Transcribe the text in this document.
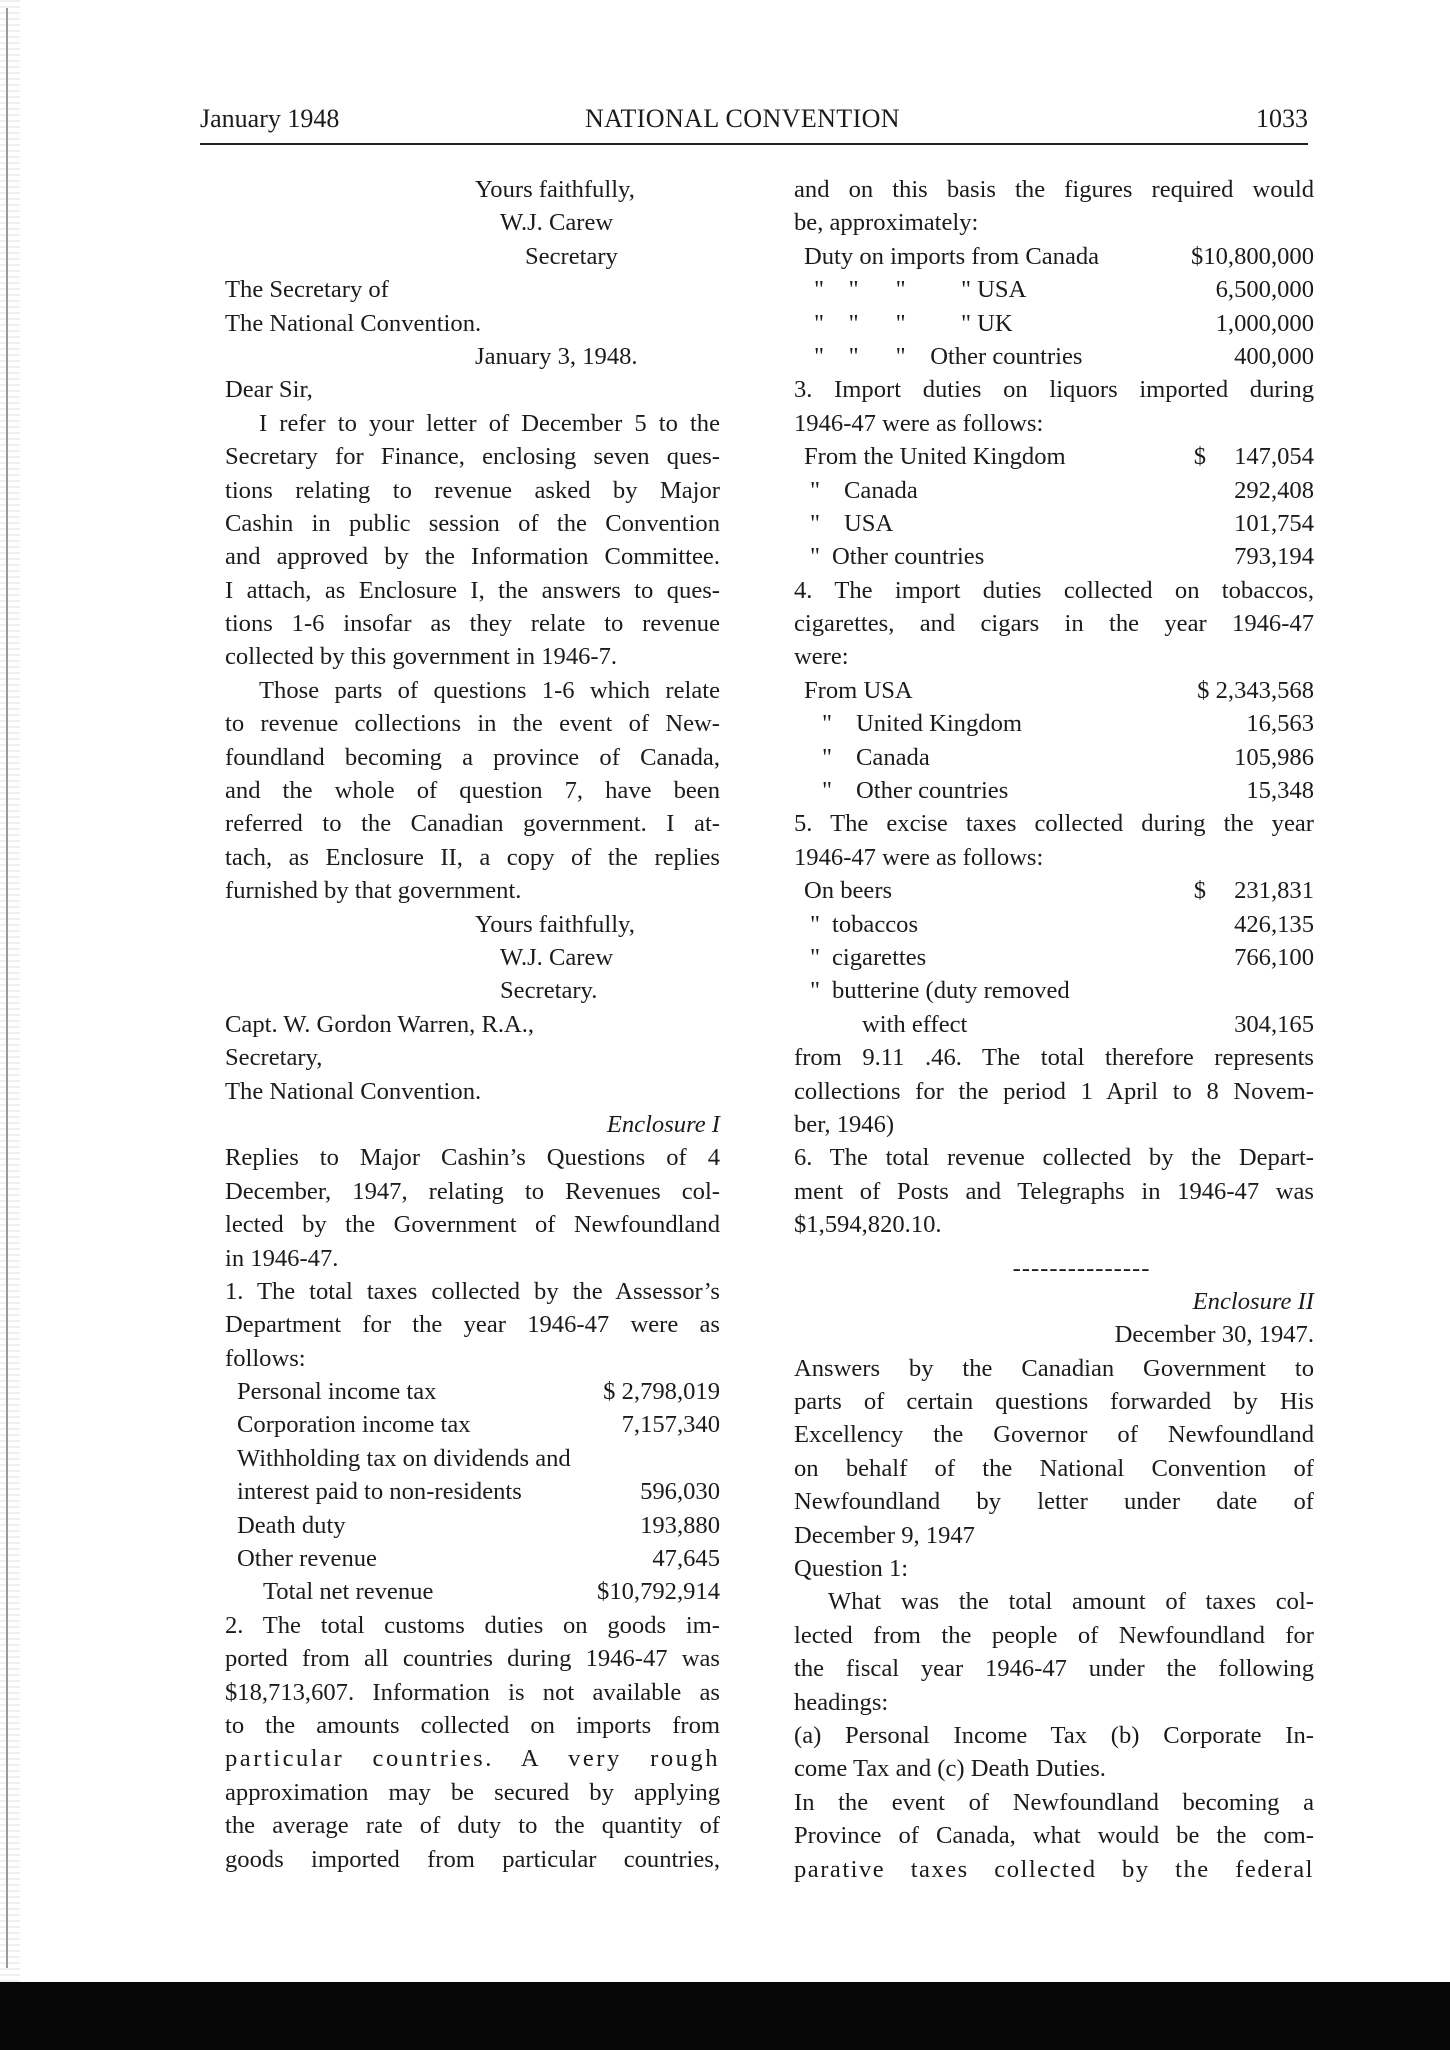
January 1948	NATIONAL CONVENTION	1033
Yours faithfully,
W.J. Carew
Secretary
The Secretary of
The National Convention.
January 3, 1948.
Dear Sir,
I refer to your letter of December 5 to the
Secretary for Finance, enclosing seven ques-
tions relating to revenue asked by Major
Cashin in public session of the Convention
and approved by the Information Committee.
I attach, as Enclosure I, the answers to ques-
tions 1-6 insofar as they relate to revenue
collected by this government in 1946-7.
Those parts of questions 1-6 which relate
to revenue collections in the event of New-
foundland becoming a province of Canada,
and the whole of question 7, have been
referred to the Canadian government. I at-
tach, as Enclosure II, a copy of the replies
furnished by that government.
Yours faithfully,
W.J. Carew
Secretary.
Capt. W. Gordon Warren, R.A.,
Secretary,
The National Convention.
Enclosure I
Replies to Major Cashin’s Questions of 4
December, 1947, relating to Revenues col-
lected by the Government of Newfoundland
in 1946-47.
1. The total taxes collected by the Assessor’s
Department for the year 1946-47 were as
follows:
Personal income tax	$ 2,798,019
Corporation income tax	7,157,340
Withholding tax on dividends and
interest paid to non-residents	596,030
Death duty	193,880
Other revenue	47,645
Total net revenue	$10,792,914
2. The total customs duties on goods im-
ported from all countries during 1946-47 was
$18,713,607. Information is not available as
to the amounts collected on imports from
particular countries. A very rough
approximation may be secured by applying
the average rate of duty to the quantity of
goods imported from particular countries,
and on this basis the figures required would
be, approximately:
Duty on imports from Canada	$10,800,000
"    "      "         " USA	6,500,000
"    "      "         " UK	1,000,000
"    "      "    Other countries	400,000
3. Import duties on liquors imported during
1946-47 were as follows:
From the United Kingdom	$ 147,054
" Canada	292,408
" USA	101,754
" Other countries	793,194
4. The import duties collected on tobaccos,
cigarettes, and cigars in the year 1946-47
were:
From USA	$ 2,343,568
" United Kingdom	16,563
" Canada	105,986
" Other countries	15,348
5. The excise taxes collected during the year
1946-47 were as follows:
On beers	$ 231,831
" tobaccos	426,135
" cigarettes	766,100
" butterine (duty removed
with effect	304,165
from 9.11 .46. The total therefore represents
collections for the period 1 April to 8 Novem-
ber, 1946)
6. The total revenue collected by the Depart-
ment of Posts and Telegraphs in 1946-47 was
$1,594,820.10.
---------------
Enclosure II
December 30, 1947.
Answers by the Canadian Government to
parts of certain questions forwarded by His
Excellency the Governor of Newfoundland
on behalf of the National Convention of
Newfoundland by letter under date of
December 9, 1947
Question 1:
What was the total amount of taxes col-
lected from the people of Newfoundland for
the fiscal year 1946-47 under the following
headings:
(a) Personal Income Tax (b) Corporate In-
come Tax and (c) Death Duties.
In the event of Newfoundland becoming a
Province of Canada, what would be the com-
parative taxes collected by the federal
